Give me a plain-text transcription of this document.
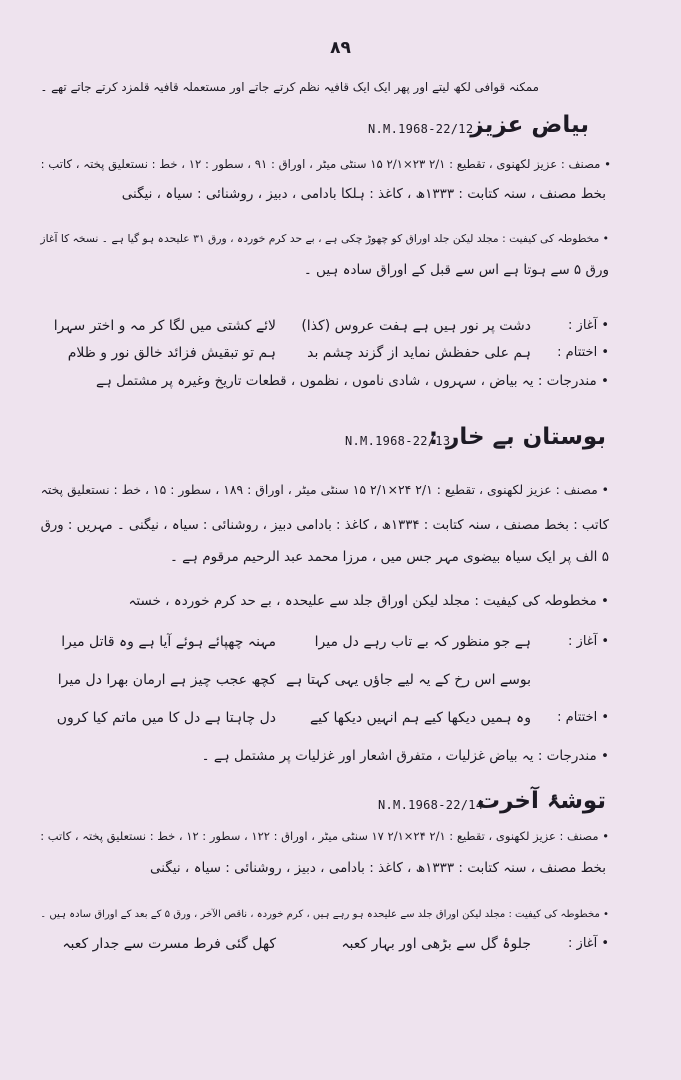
٨٩
ممکنہ قوافی لکھ لیتے اور پھر ایک ایک قافیہ نظم کرتے جاتے اور مستعملہ قافیہ قلمزد کرتے جاتے تھے ۔
بیاض عزیز
N.M.1968-22/12
• مصنف : عزیز لکھنوی ، تقطیع : ۲/۱ ۲۳×۲/۱ ۱۵ سنٹی میٹر ، اوراق : ۹۱ ، سطور : ۱۲ ، خط : نستعلیق پختہ ، کاتب :
بخط مصنف ، سنہ کتابت : ۱۳۳۳ھ ، کاغذ : ہلکا بادامی ، دبیز ، روشنائی : سیاہ ، نیگنی
• مخطوطہ کی کیفیت : مجلد لیکن جلد اوراق کو چھوڑ چکی ہے ، بے حد کرم خوردہ ، ورق ۳۱ علیحدہ ہو گیا ہے ۔ نسخہ کا آغاز
ورق ۵ سے ہوتا ہے اس سے قبل کے اوراق سادہ ہیں ۔
• آغاز :
دشت پر نور ہیں ہے ہفت عروس (کذا)
لائے کشتی میں لگا کر مہ و اختر سہرا
• اختتام :
ہم علی حفظش نماید از گزند چشم بد
ہم تو تبقیش فزائد خالق نور و ظلام
• مندرجات : یہ بیاض ، سہروں ، شادی ناموں ، نظموں ، قطعات تاریخ وغیرہ پر مشتمل ہے
بوستان بے خار :
N.M.1968-22/13
• مصنف : عزیز لکھنوی ، تقطیع : ۲/۱ ۲۴×۲/۱ ۱۵ سنٹی میٹر ، اوراق : ۱۸۹ ، سطور : ۱۵ ، خط : نستعلیق پختہ
کاتب : بخط مصنف ، سنہ کتابت : ۱۳۳۴ھ ، کاغذ : بادامی دبیز ، روشنائی : سیاہ ، نیگنی ۔ مہریں : ورق
۵ الف پر ایک سیاہ بیضوی مہر جس میں ، مرزا محمد عبد الرحیم مرقوم ہے ۔
• مخطوطہ کی کیفیت : مجلد لیکن اوراق جلد سے علیحدہ ، بے حد کرم خوردہ ، خستہ
• آغاز :
ہے جو منظور کہ بے تاب رہے دل میرا
مہنہ چھپائے ہوئے آیا ہے وہ قاتل میرا
بوسے اس رخ کے یہ لیے جاؤں یہی کہتا ہے
کچھ عجب چیز ہے ارمان بھرا دل میرا
• اختتام :
وہ ہمیں دیکھا کیے ہم انہیں دیکھا کیے
دل چاہتا ہے دل کا میں ماتم کیا کروں
• مندرجات : یہ بیاض غزلیات ، متفرق اشعار اور غزلیات پر مشتمل ہے ۔
توشۂ آخرت
N.M.1968-22/14
• مصنف : عزیز لکھنوی ، تقطیع : ۲/۱ ۲۴×۲/۱ ۱۷ سنٹی میٹر ، اوراق : ۱۲۲ ، سطور : ۱۲ ، خط : نستعلیق پختہ ، کاتب :
بخط مصنف ، سنہ کتابت : ۱۳۳۳ھ ، کاغذ : بادامی ، دبیز ، روشنائی : سیاہ ، نیگنی
• مخطوطہ کی کیفیت : مجلد لیکن اوراق جلد سے علیحدہ ہو رہے ہیں ، کرم خوردہ ، ناقص الآخر ، ورق ۵ کے بعد کے اوراق سادہ ہیں ۔
• آغاز :
جلوۂ گل سے بڑھی اور بہار کعبہ
کھل گئی فرط مسرت سے جدار کعبہ
